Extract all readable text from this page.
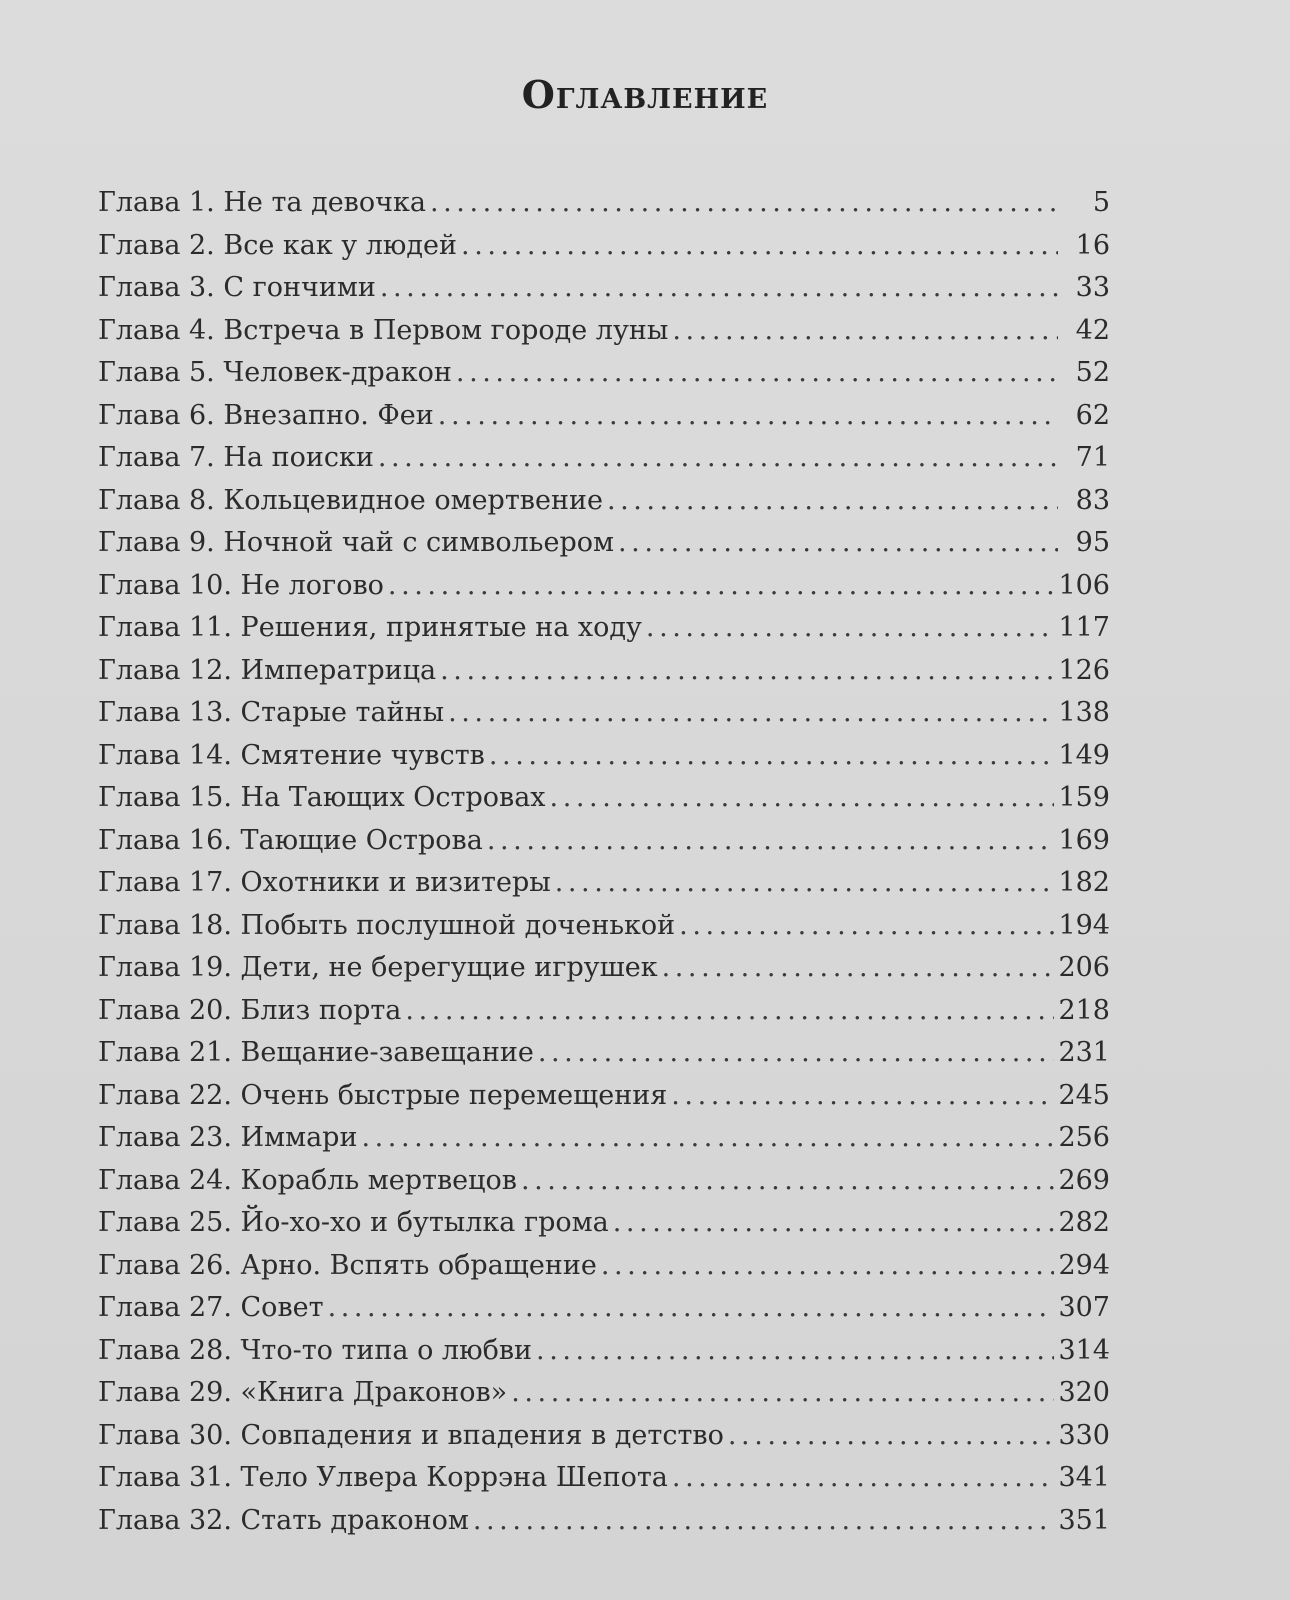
Оглавление
Глава 1. Не та девочка . . .	5
Глава 2. Все как у людей . . .	16
Глава 3. С гончими . . .	33
Глава 4. Встреча в Первом городе луны . . .	42
Глава 5. Человек-дракон . . .	52
Глава 6. Внезапно. Феи . . .	62
Глава 7. На поиски . . .	71
Глава 8. Кольцевидное омертвение . . .	83
Глава 9. Ночной чай с символьером . . .	95
Глава 10. Не логово . . .	106
Глава 11. Решения, принятые на ходу . . .	117
Глава 12. Императрица . . .	126
Глава 13. Старые тайны . . .	138
Глава 14. Смятение чувств . . .	149
Глава 15. На Тающих Островах . . .	159
Глава 16. Тающие Острова . . .	169
Глава 17. Охотники и визитеры . . .	182
Глава 18. Побыть послушной доченькой . . .	194
Глава 19. Дети, не берегущие игрушек . . .	206
Глава 20. Близ порта . . .	218
Глава 21. Вещание-завещание . . .	231
Глава 22. Очень быстрые перемещения . . .	245
Глава 23. Иммари . . .	256
Глава 24. Корабль мертвецов . . .	269
Глава 25. Йо-хо-хо и бутылка грома . . .	282
Глава 26. Арно. Вспять обращение . . .	294
Глава 27. Совет . . .	307
Глава 28. Что-то типа о любви . . .	314
Глава 29. «Книга Драконов» . . .	320
Глава 30. Совпадения и впадения в детство . . .	330
Глава 31. Тело Улвера Коррэна Шепота . . .	341
Глава 32. Стать драконом . . .	351
